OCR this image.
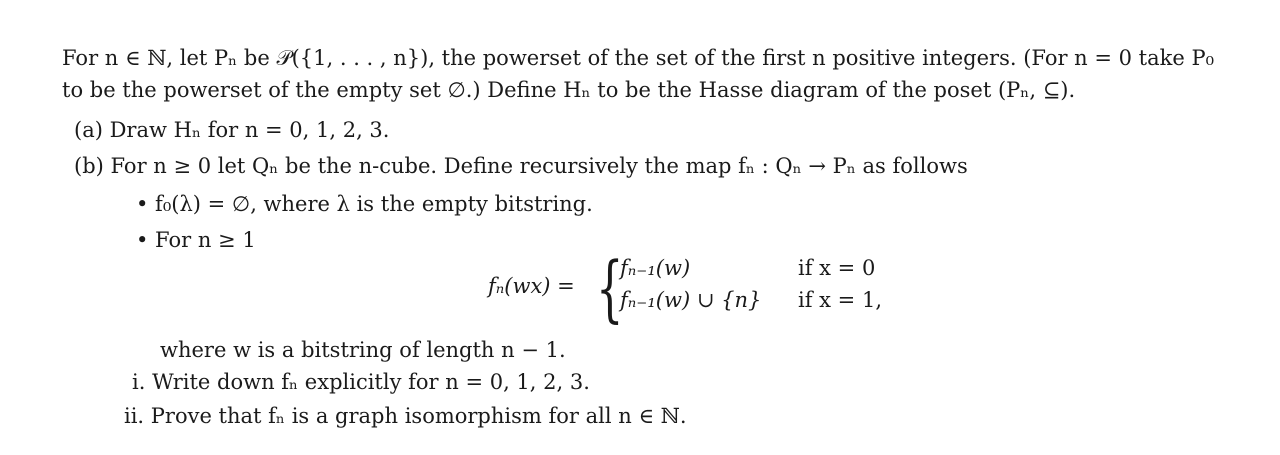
For n ∈ ℕ, let Pₙ be 𝒫({1, . . . , n}), the powerset of the set of the first n positive integers. (For n = 0 take P₀
to be the powerset of the empty set ∅.) Define Hₙ to be the Hasse diagram of the poset (Pₙ, ⊆).
(a) Draw Hₙ for n = 0, 1, 2, 3.
(b) For n ≥ 0 let Qₙ be the n-cube. Define recursively the map fₙ : Qₙ → Pₙ as follows
• f₀(λ) = ∅, where λ is the empty bitstring.
• For n ≥ 1
fₙ(wx) = {
fₙ₋₁(w)	if x = 0
fₙ₋₁(w) ∪ {n} if x = 1,
where w is a bitstring of length n − 1.
i. Write down fₙ explicitly for n = 0, 1, 2, 3.
ii. Prove that fₙ is a graph isomorphism for all n ∈ ℕ.
